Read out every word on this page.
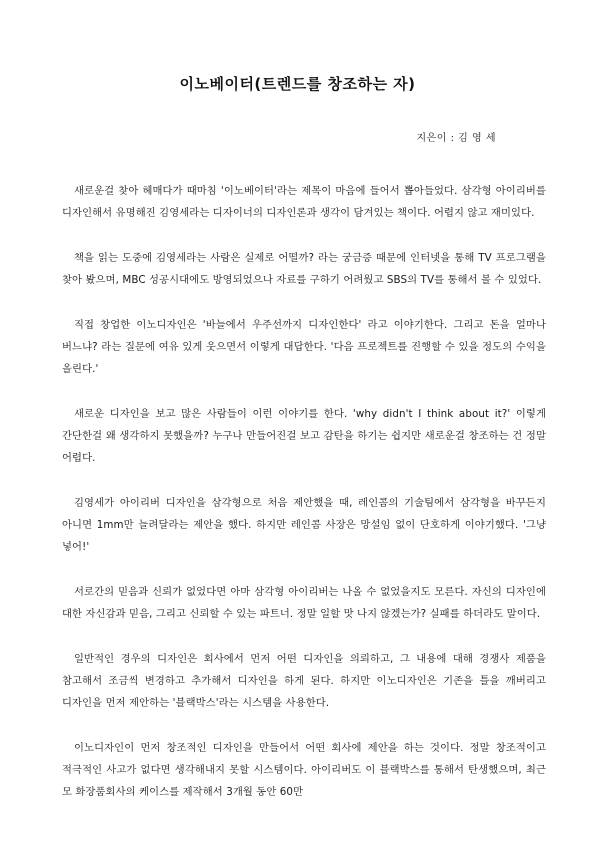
이노베이터(트렌드를 창조하는 자)
지은이 : 김 영 세

새로운걸 찾아 헤매다가 때마침 '이노베이터'라는 제목이 마음에 들어서 뽑아들었다. 삼각형 아이리버를 디자인해서 유명해진 김영세라는 디자이너의 디자인론과 생각이 담겨있는 책이다. 어렵지 않고 재미있다.

책을 읽는 도중에 김영세라는 사람은 실제로 어떨까? 라는 궁금증 때문에 인터넷을 통해 TV 프로그램을 찾아 봤으며, MBC 성공시대에도 방영되었으나 자료를 구하기 어려웠고 SBS의 TV를 통해서 볼 수 있었다.

직접 창업한 이노디자인은 '바늘에서 우주선까지 디자인한다' 라고 이야기한다. 그리고 돈을 얼마나 버느냐? 라는 질문에 여유 있게 웃으면서 이렇게 대답한다. '다음 프로젝트를 진행할 수 있을 정도의 수익을 올린다.'

새로운 디자인을 보고 많은 사람들이 이런 이야기를 한다. 'why didn't I think about it?' 이렇게 간단한걸 왜 생각하지 못했을까? 누구나 만들어진걸 보고 감탄을 하기는 쉽지만 새로운걸 창조하는 건 정말 어렵다.

김영세가 아이리버 디자인을 삼각형으로 처음 제안했을 때, 레인콤의 기술팀에서 삼각형을 바꾸든지 아니면 1mm만 늘려달라는 제안을 했다. 하지만 레인콤 사장은 망설임 없이 단호하게 이야기했다. '그냥 넣어!'

서로간의 믿음과 신뢰가 없었다면 아마 삼각형 아이리버는 나올 수 없었을지도 모른다. 자신의 디자인에 대한 자신감과 믿음, 그리고 신뢰할 수 있는 파트너. 정말 일할 맛 나지 않겠는가? 실패를 하더라도 말이다.

일반적인 경우의 디자인은 회사에서 먼저 어떤 디자인을 의뢰하고, 그 내용에 대해 경쟁사 제품을 참고해서 조금씩 변경하고 추가해서 디자인을 하게 된다. 하지만 이노디자인은 기존을 틀을 깨버리고 디자인을 먼저 제안하는 '블랙박스'라는 시스템을 사용한다.

이노디자인이 먼저 창조적인 디자인을 만들어서 어떤 회사에 제안을 하는 것이다. 정말 창조적이고 적극적인 사고가 없다면 생각해내지 못할 시스템이다. 아이리버도 이 블랙박스를 통해서 탄생했으며, 최근 모 화장품회사의 케이스를 제작해서 3개월 동안 60만
